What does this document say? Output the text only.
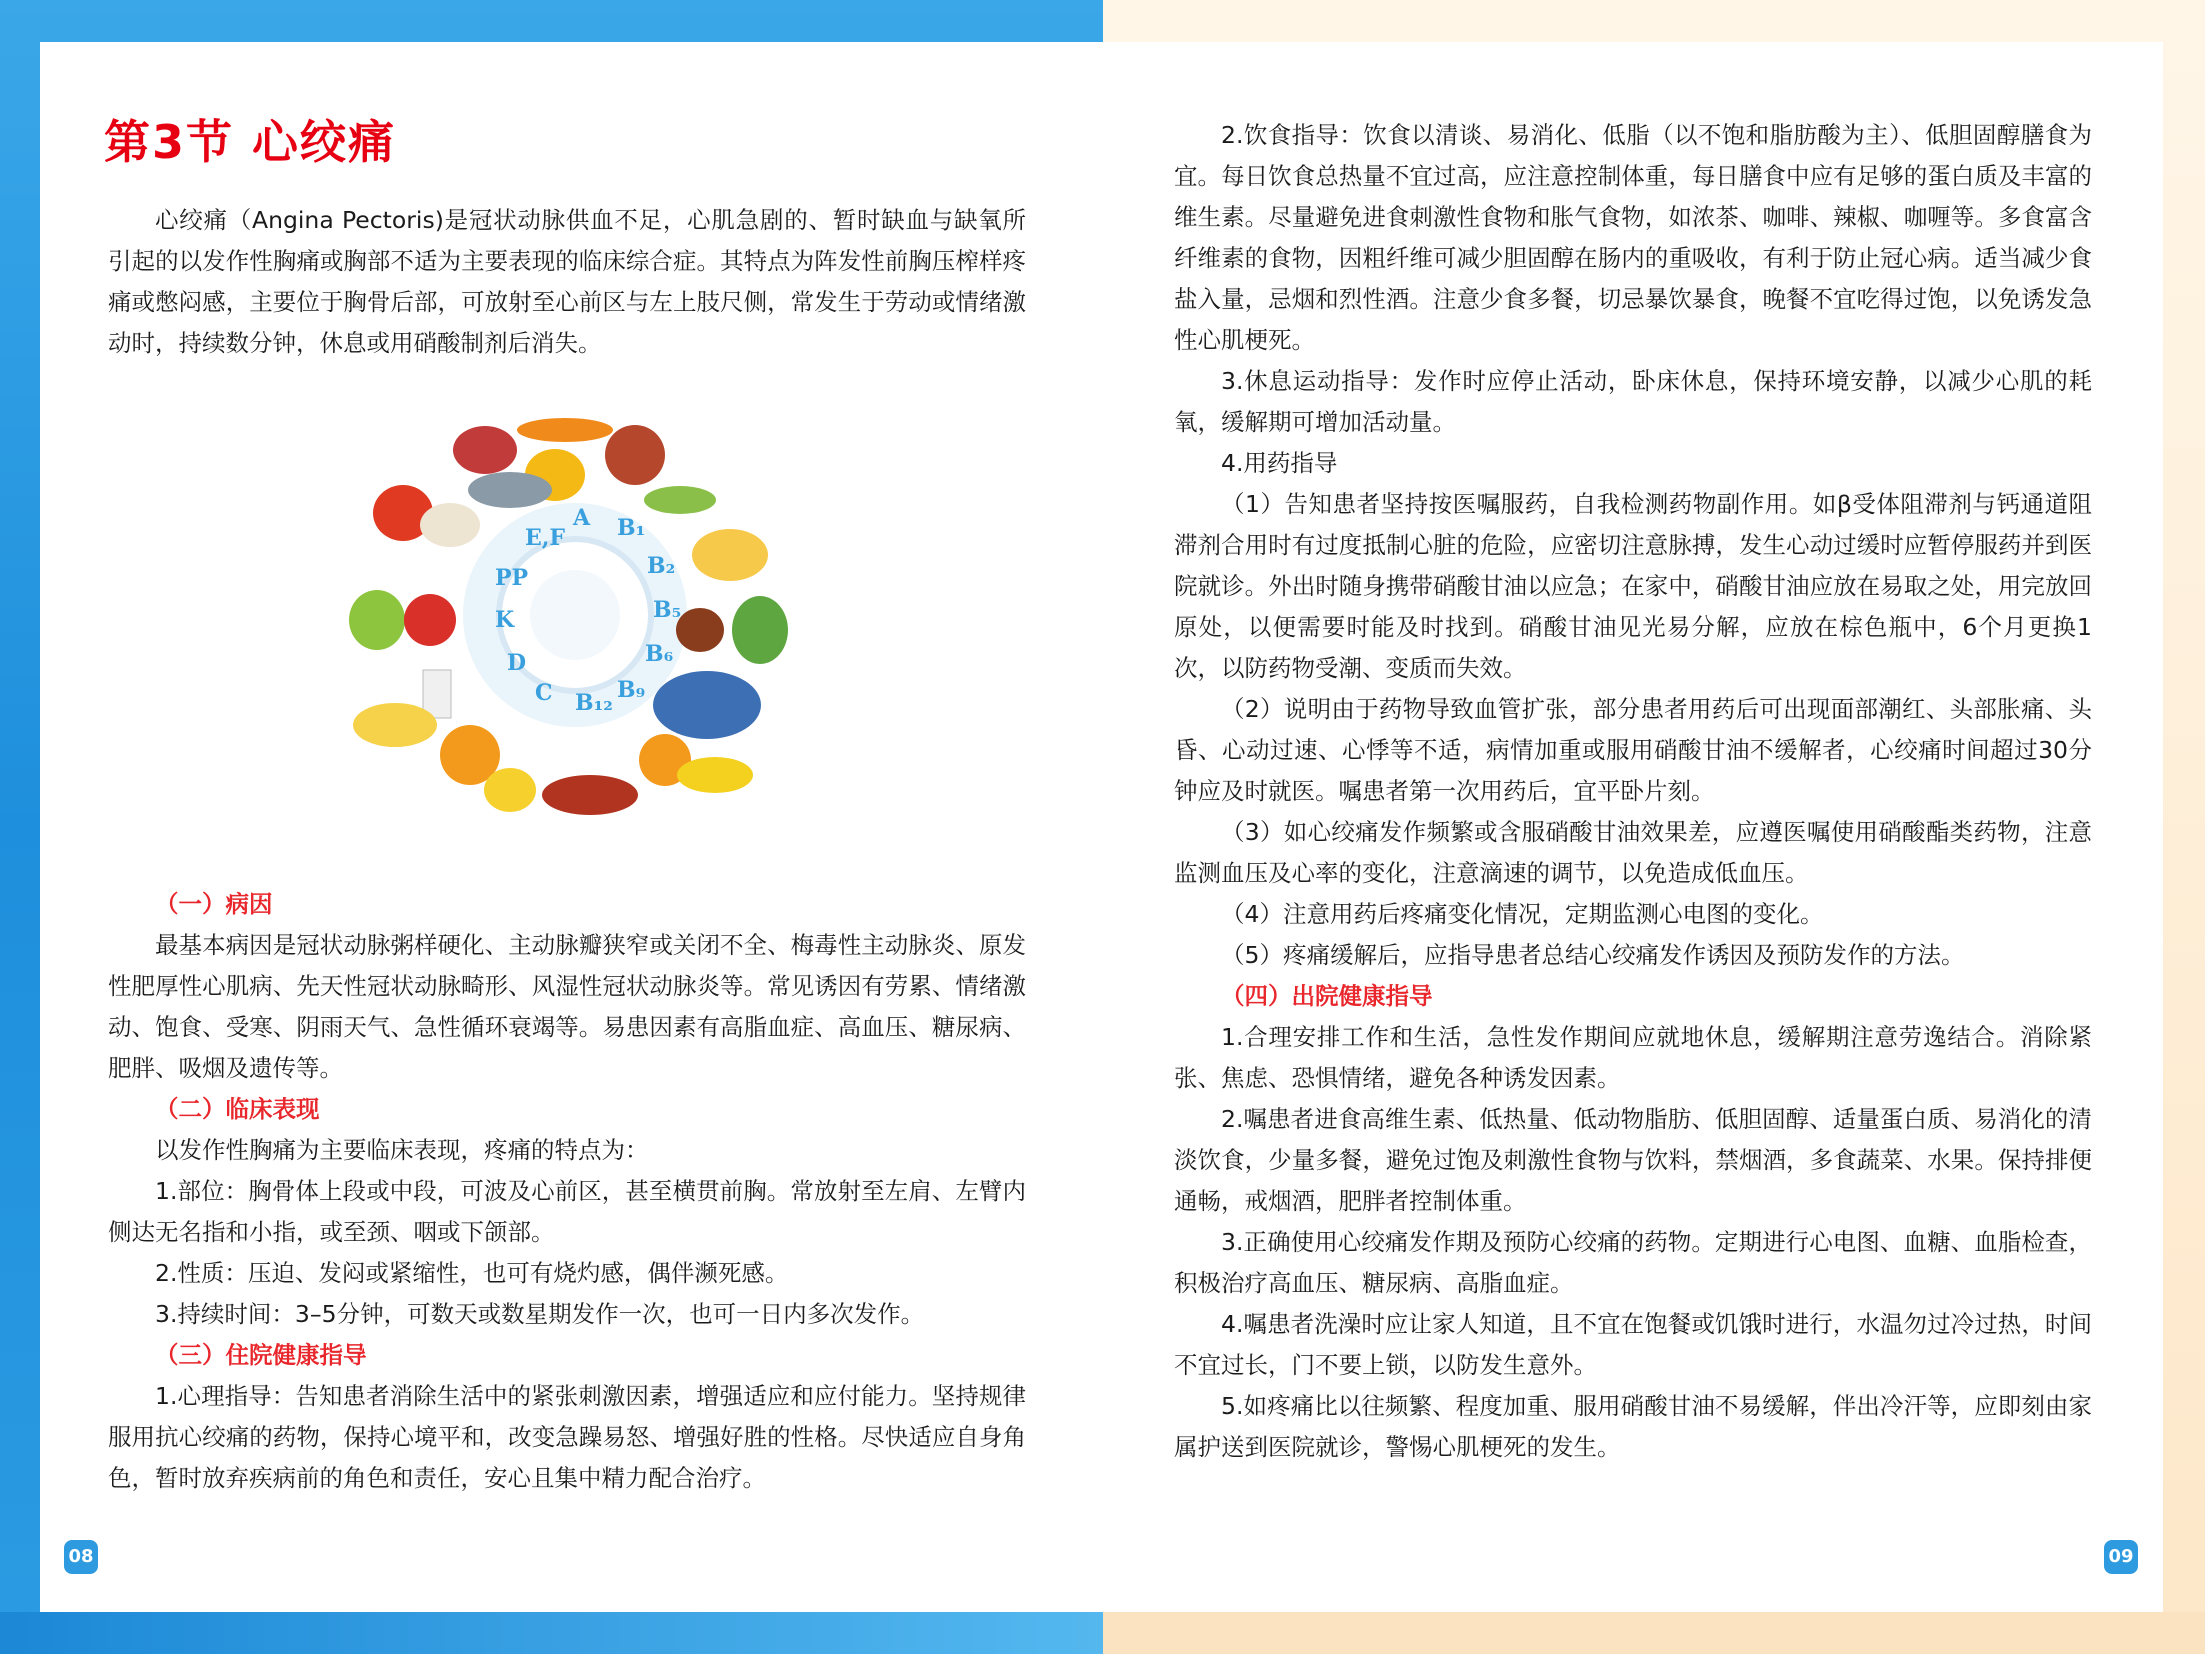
第3节 心绞痛
A B₁
B₂
B₅
B₆
B₉
B₁₂
C
D
K
PP
E,F

心绞痛（Angina Pectoris)是冠状动脉供血不足，心肌急剧的、暂时缺血与缺氧所引起的以发作性胸痛或胸部不适为主要表现的临床综合症。其特点为阵发性前胸压榨样疼痛或憋闷感，主要位于胸骨后部，可放射至心前区与左上肢尺侧，常发生于劳动或情绪激动时，持续数分钟，休息或用硝酸制剂后消失。

（一）病因

最基本病因是冠状动脉粥样硬化、主动脉瓣狭窄或关闭不全、梅毒性主动脉炎、原发性肥厚性心肌病、先天性冠状动脉畸形、风湿性冠状动脉炎等。常见诱因有劳累、情绪激动、饱食、受寒、阴雨天气、急性循环衰竭等。易患因素有高脂血症、高血压、糖尿病、肥胖、吸烟及遗传等。

（二）临床表现

以发作性胸痛为主要临床表现，疼痛的特点为：

1.部位：胸骨体上段或中段，可波及心前区，甚至横贯前胸。常放射至左肩、左臂内侧达无名指和小指，或至颈、咽或下颌部。

2.性质：压迫、发闷或紧缩性，也可有烧灼感，偶伴濒死感。

3.持续时间：3–5分钟，可数天或数星期发作一次，也可一日内多次发作。

（三）住院健康指导

1.心理指导：告知患者消除生活中的紧张刺激因素，增强适应和应付能力。坚持规律服用抗心绞痛的药物，保持心境平和，改变急躁易怒、增强好胜的性格。尽快适应自身角色，暂时放弃疾病前的角色和责任，安心且集中精力配合治疗。

2.饮食指导：饮食以清谈、易消化、低脂（以不饱和脂肪酸为主）、低胆固醇膳食为宜。每日饮食总热量不宜过高，应注意控制体重，每日膳食中应有足够的蛋白质及丰富的维生素。尽量避免进食刺激性食物和胀气食物，如浓茶、咖啡、辣椒、咖喱等。多食富含纤维素的食物，因粗纤维可减少胆固醇在肠内的重吸收，有利于防止冠心病。适当减少食盐入量，忌烟和烈性酒。注意少食多餐，切忌暴饮暴食，晚餐不宜吃得过饱，以免诱发急性心肌梗死。

3.休息运动指导：发作时应停止活动，卧床休息，保持环境安静，以减少心肌的耗氧，缓解期可增加活动量。

4.用药指导

（1）告知患者坚持按医嘱服药，自我检测药物副作用。如β受体阻滞剂与钙通道阻滞剂合用时有过度抵制心脏的危险，应密切注意脉搏，发生心动过缓时应暂停服药并到医院就诊。外出时随身携带硝酸甘油以应急；在家中，硝酸甘油应放在易取之处，用完放回原处，以便需要时能及时找到。硝酸甘油见光易分解，应放在棕色瓶中，6个月更换1次，以防药物受潮、变质而失效。

（2）说明由于药物导致血管扩张，部分患者用药后可出现面部潮红、头部胀痛、头昏、心动过速、心悸等不适，病情加重或服用硝酸甘油不缓解者，心绞痛时间超过30分钟应及时就医。嘱患者第一次用药后，宜平卧片刻。

（3）如心绞痛发作频繁或含服硝酸甘油效果差，应遵医嘱使用硝酸酯类药物，注意监测血压及心率的变化，注意滴速的调节，以免造成低血压。

（4）注意用药后疼痛变化情况，定期监测心电图的变化。

（5）疼痛缓解后，应指导患者总结心绞痛发作诱因及预防发作的方法。

（四）出院健康指导

1.合理安排工作和生活，急性发作期间应就地休息，缓解期注意劳逸结合。消除紧张、焦虑、恐惧情绪，避免各种诱发因素。

2.嘱患者进食高维生素、低热量、低动物脂肪、低胆固醇、适量蛋白质、易消化的清淡饮食，少量多餐，避免过饱及刺激性食物与饮料，禁烟酒，多食蔬菜、水果。保持排便通畅，戒烟酒，肥胖者控制体重。

3.正确使用心绞痛发作期及预防心绞痛的药物。定期进行心电图、血糖、血脂检查，积极治疗高血压、糖尿病、高脂血症。

4.嘱患者洗澡时应让家人知道，且不宜在饱餐或饥饿时进行，水温勿过冷过热，时间不宜过长，门不要上锁，以防发生意外。

5.如疼痛比以往频繁、程度加重、服用硝酸甘油不易缓解，伴出冷汗等，应即刻由家属护送到医院就诊，警惕心肌梗死的发生。

08	09
